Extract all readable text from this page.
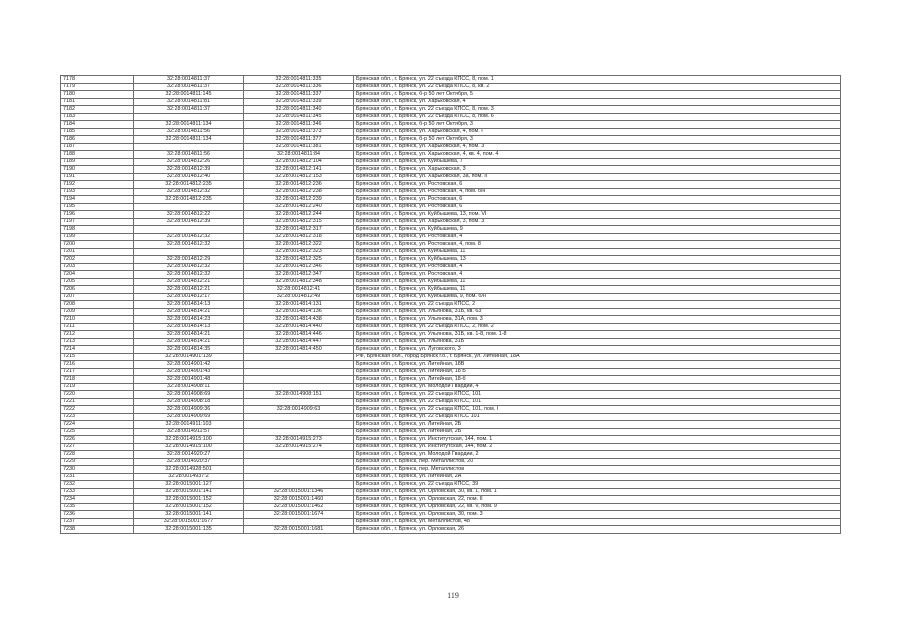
7178	32:28:0014811:37	32:28:0014811:335	Брянская обл., г. Брянск, ул. 22 съезда КПСС, 8, пом. 1
7179	32:28:0014811:37	32:28:0014811:336	Брянская обл., г. Брянск, ул. 22 съезда КПСС, 8, кв. 2
7180	32:28:0014811:145	32:28:0014811:337	Брянская обл., г. Брянск, б-р 50 лет Октября, 5
7181	32:28:0014811:81	32:28:0014811:339	Брянская обл., г. Брянск, ул. Харьковская, 4
7182	32:28:0014811:37	32:28:0014811:340	Брянская обл., г. Брянск, ул. 22 съезда КПСС, 8, пом. 3
7183		32:28:0014811:345	Брянская обл., г. Брянск, ул. 22 съезда КПСС, 8, пом. 6
7184	32:28:0014811:134	32:28:0014811:346	Брянская обл., г. Брянск, б-р 50 лет Октября, 3
7185	32:28:0014811:56	32:28:0014811:373	Брянская обл., г. Брянск, ул. Харьковская, 4, пом. I
7186	32:28:0014811:134	32:28:0014811:377	Брянская обл., г. Брянск, б-р 50 лет Октября, 3
7187		32:28:0014811:381	Брянская обл., г. Брянск, ул. Харьковская, 4, пом. 3
7188	32:28:0014811:56	32:28:0014811:84	Брянская обл., г. Брянск, ул. Харьковская, 4, кв. 4, пом. 4
7189	32:28:0014812:26	32:28:0014812:104	Брянская обл., г. Брянск, ул. Куйбышева, 7
7190	32:28:0014812:39	32:28:0014812:141	Брянская обл., г. Брянск, ул. Харьковская, 3
7191	32:28:0014812:40	32:28:0014812:153	Брянская обл., г. Брянск, ул. Харьковская, 3а, пом. II
7192	32:28:0014812:235	32:28:0014812:236	Брянская обл., г. Брянск, ул. Ростовская, 6
7193	32:28:0014812:32	32:28:0014812:238	Брянская обл., г. Брянск, ул. Ростовская, 4, пом. б/н
7194	32:28:0014812:235	32:28:0014812:239	Брянская обл., г. Брянск, ул. Ростовская, 6
7195		32:28:0014812:240	Брянская обл., г. Брянск, ул. Ростовская, 6
7196	32:28:0014812:22	32:28:0014812:244	Брянская обл., г. Брянск, ул. Куйбышева, 13, пом. VI
7197	32:28:0014812:39	32:28:0014812:315	Брянская обл., г. Брянск, ул. Харьковская, 3, пом. 3
7198		32:28:0014812:317	Брянская обл., г. Брянск, ул. Куйбышева, 9
7199	32:28:0014812:32	32:28:0014812:318	Брянская обл., г. Брянск, ул. Ростовская, 4
7200	32:28:0014812:32	32:28:0014812:322	Брянская обл., г. Брянск, ул. Ростовская, 4, пом. 8
7201		32:28:0014812:323	Брянская обл., г. Брянск, ул. Куйбышева, 11
7202	32:28:0014812:29	32:28:0014812:325	Брянская обл., г. Брянск, ул. Куйбышева, 13
7203	32:28:0014812:32	32:28:0014812:346	Брянская обл., г. Брянск, ул. Ростовская, 4
7204	32:28:0014812:32	32:28:0014812:347	Брянская обл., г. Брянск, ул. Ростовская, 4
7205	32:28:0014812:21	32:28:0014812:348	Брянская обл., г. Брянск, ул. Куйбышева, 11
7206	32:28:0014812:21	32:28:0014812:41	Брянская обл., г. Брянск, ул. Куйбышева, 11
7207	32:28:0014812:17	32:28:0014812:49	Брянская обл., г. Брянск, ул. Куйбышева, 9, пом. б/н
7208	32:28:0014814:13	32:28:0014814:131	Брянская обл., г. Брянск, ул. 22 съезда КПСС, 2
7209	32:28:0014814:21	32:28:0014814:136	Брянская обл., г. Брянск, ул. Ульянова, 31Б, кв. 63
7210	32:28:0014814:23	32:28:0014814:438	Брянская обл., г. Брянск, ул. Ульянова, 31А, пом. 3
7211	32:28:0014814:13	32:28:0014814:440	Брянская обл., г. Брянск, ул. 22 съезда КПСС, 2, пом. 2
7212	32:28:0014814:21	32:28:0014814:446	Брянская обл., г. Брянск, ул. Ульянова, 31Б, кв. 1-8, пом. 1-8
7213	32:28:0014814:21	32:28:0014814:447	Брянская обл., г. Брянск, ул. Ульянова, 31Б
7214	32:28:0014814:35	32:28:0014814:450	Брянская обл., г. Брянск, ул. Луговского, 3
7215	32:28:0014901:139		РФ, Брянская обл., город Брянск г.о., г. Брянск, ул. Литейная, 18А
7216	32:28:0014901:42		Брянская обл., г. Брянск, ул. Литейная, 18В
7217	32:28:0014901:43		Брянская обл., г. Брянск, ул. Литейная, 18 Б
7218	32:28:0014901:48		Брянская обл., г. Брянск, ул. Литейная, 18-б
7219	32:28:0014908:11		Брянская обл., г. Брянск, ул. Молодой Гвардии, 4
7220	32:28:0014908:69	32:28:0014908:151	Брянская обл., г. Брянск, ул. 22 съезда КПСС, 101
7221	32:28:0014908:18		Брянская обл., г. Брянск, ул. 22 съезда КПСС, 101
7222	32:28:0014909:36	32:28:0014909:63	Брянская обл., г. Брянск, ул. 22 съезда КПСС, 101, пом. I
7223	32:28:0014909:69		Брянская обл., г. Брянск, ул. 22 съезда КПСС 101
7224	32:28:0014911:103		Брянская обл., г. Брянск, ул. Литейная, 2Б
7225	32:28:0014911:57		Брянская обл., г. Брянск, ул. Литейная, 2Б
7226	32:28:0014915:100	32:28:0014915:273	Брянская обл., г. Брянск, ул. Институтская, 144, пом. 1
7227	32:28:0014915:100	32:28:0014915:274	Брянская обл., г. Брянск, ул. Институтская, 144, пом. 2
7228	32:28:0014920:27		Брянская обл., г. Брянск, ул. Молодой Гвардии, 2
7229	32:28:0014920:37		Брянская обл., г. Брянск, пер. Металлистов, 20
7230	32:28:0014928:501		Брянская обл., г. Брянск, пер. Металлистов
7231	32:28:0014937:2		Брянская обл., г. Брянск, ул. Литейная, 2А
7232	32:28:0015001:127		Брянская обл., г. Брянск, ул. 22 съезда КПСС, 39
7233	32:28:0015001:141	32:28:0015001:1346	Брянская обл., г. Брянск, ул. Орловская, 30, кв. 1, пом. 1
7234	32:28:0015001:152	32:28:0015001:1460	Брянская обл., г. Брянск, ул. Орловская, 22, пом. II
7235	32:28:0015001:152	32:28:0015001:1462	Брянская обл., г. Брянск, ул. Орловская, 22, кв. V, пом. 9
7236	32:28:0015001:141	32:28:0015001:1674	Брянская обл., г. Брянск, ул. Орловская, 30, пом. 3
7237	32:28:0015001:1677		Брянская обл., г. Брянск, ул. Металлистов, 48
7238	32:28:0015001:135	32:28:0015001:1681	Брянская обл., г. Брянск, ул. Орловская, 26
119
